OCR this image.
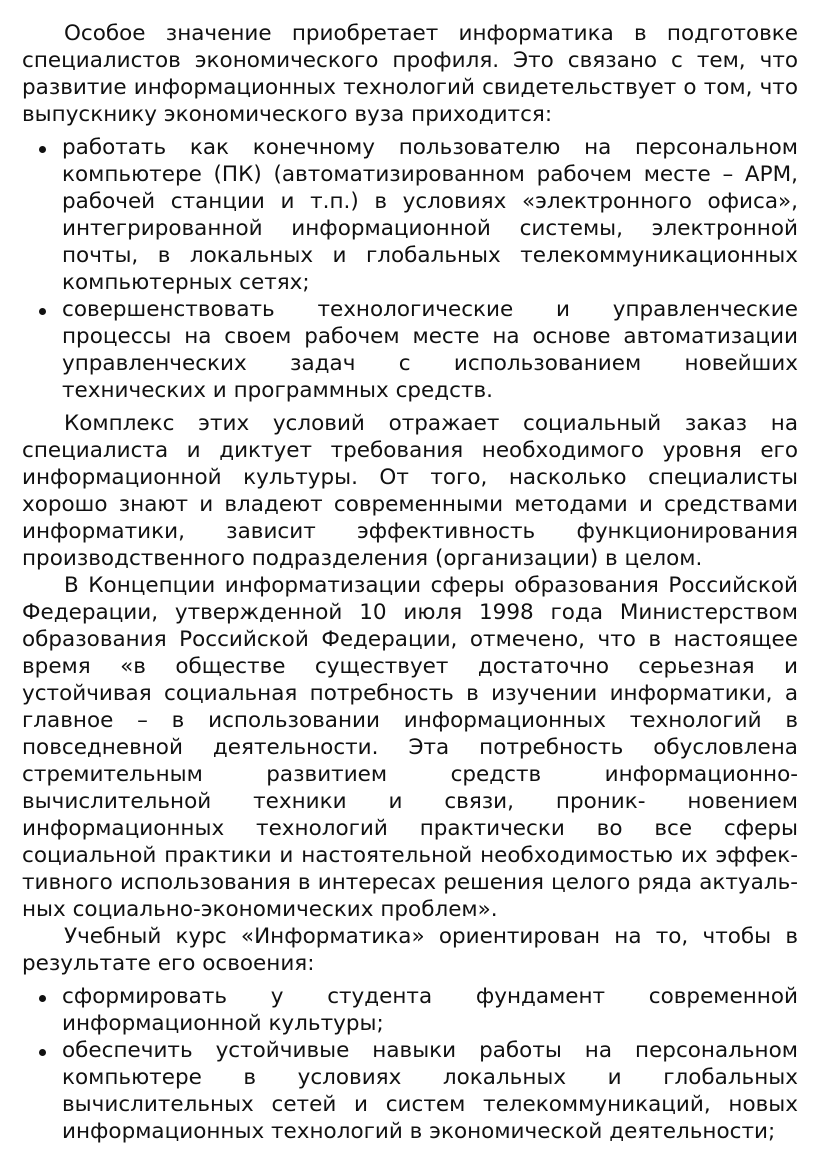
Особое значение приобретает информатика в подготовке специалистов экономического профиля. Это связано с тем, что развитие информационных технологий свидетельствует о том, что выпускнику экономического вуза приходится:

работать как конечному пользователю на персональном компьютере (ПК) (автоматизированном рабочем месте – АРМ, рабочей станции и т.п.) в условиях «электронного офиса», интегрированной информационной системы, электронной почты, в локальных и глобальных телекоммуникационных компьютерных сетях;
совершенствовать технологические и управленческие процессы на своем рабочем месте на основе автоматизации управленческих задач с использованием новейших технических и программных средств.

Комплекс этих условий отражает социальный заказ на специалиста и диктует требования необходимого уровня его информационной культуры. От того, насколько специалисты хорошо знают и владеют современными методами и средствами информатики, зависит эффективность функционирования производственного подразделения (организации) в целом.

В Концепции информатизации сферы образования Российской Федерации, утвержденной 10 июля 1998 года Министерством образования Российской Федерации, отмечено, что в настоящее время «в обществе существует достаточно серьезная и устойчивая социальная потребность в изучении информатики, а главное – в использовании информационных технологий в повседневной деятельности. Эта потребность обусловлена стремительным развитием средств информационно-вычислительной техники и связи, проник- новением информационных технологий практически во все сферы социальной практики и настоятельной необходимостью их эффек- тивного использования в интересах решения целого ряда актуаль- ных социально-экономических проблем».

Учебный курс «Информатика» ориентирован на то, чтобы в результате его освоения:

сформировать у студента фундамент современной информационной культуры;
обеспечить устойчивые навыки работы на персональном компьютере в условиях локальных и глобальных вычислительных сетей и систем телекоммуникаций, новых информационных технологий в экономической деятельности;
